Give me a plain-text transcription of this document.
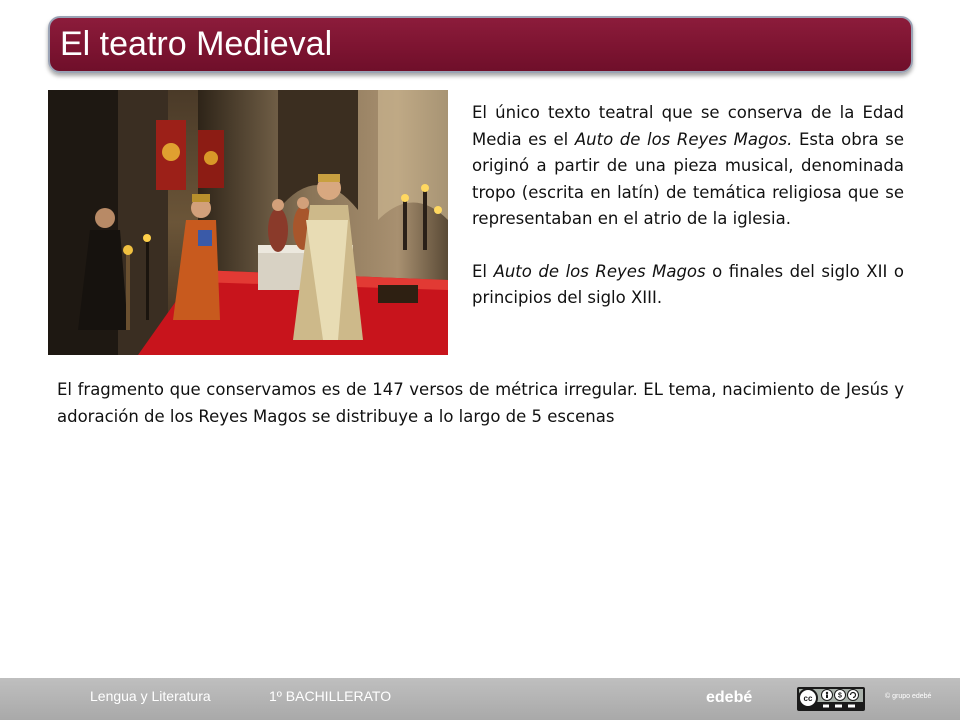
El teatro Medieval

El único texto teatral que se conserva de la Edad Media es el Auto de los Reyes Magos. Esta obra se originó a partir de una pieza musical, denominada tropo (escrita en latín) de temática religiosa que se representaban en el atrio de la iglesia.

El Auto de los Reyes Magos o finales del siglo XII o principios del siglo XIII.

El fragmento que conservamos es de 147 versos de métrica irregular. EL tema, nacimiento de Jesús y adoración de los Reyes Magos se distribuye a lo largo de 5 escenas

Lengua y Literatura	1º BACHILLERATO	edebé	cc	$	© grupo edebé
